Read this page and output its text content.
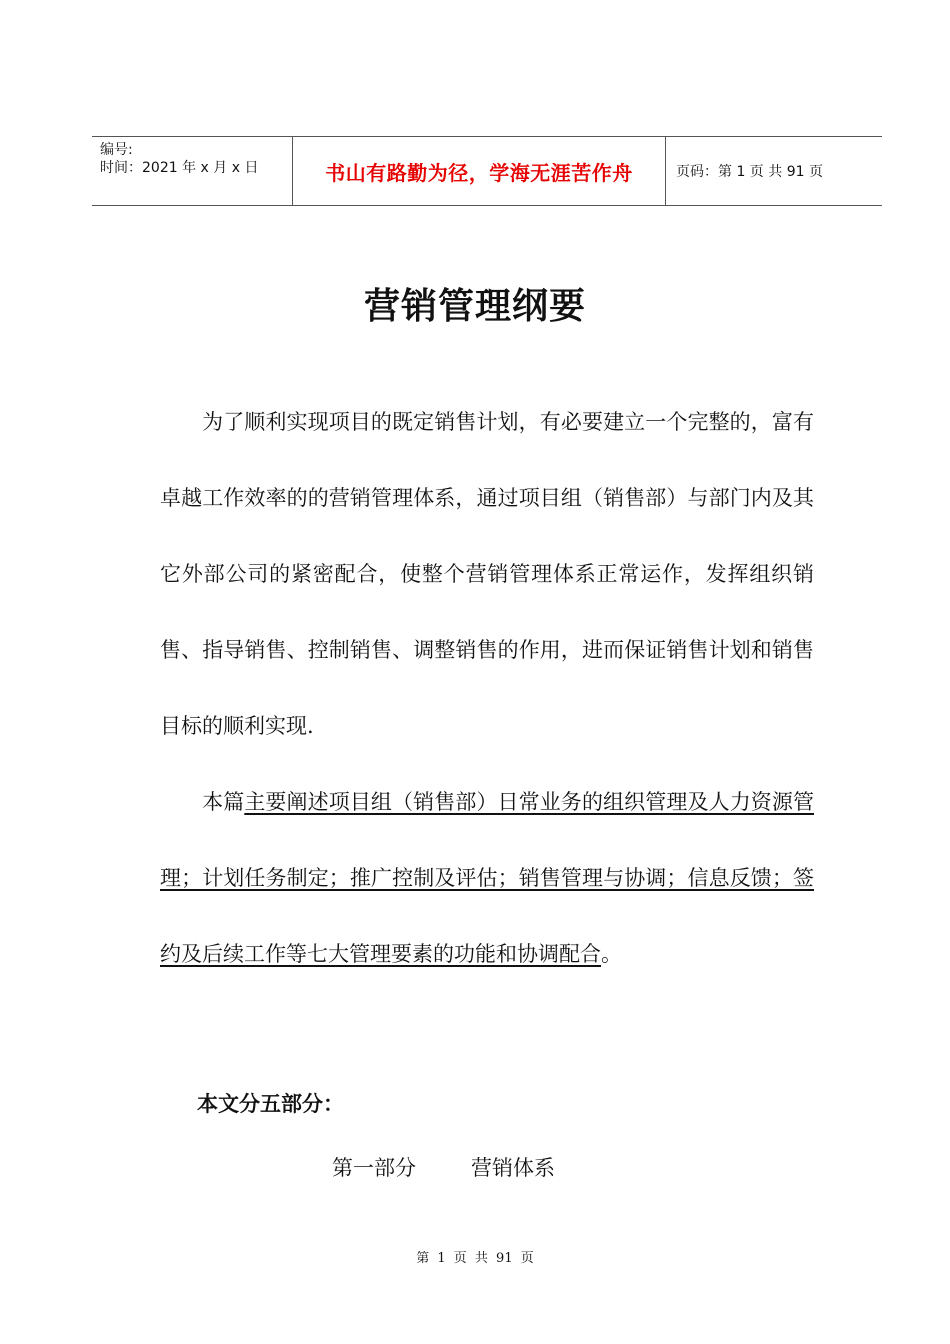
编号:
时间：2021 年 x 月 x 日	书山有路勤为径，学海无涯苦作舟	页码：第 1 页 共 91 页
营销管理纲要
为了顺利实现项目的既定销售计划，有必要建立一个完整的，富有卓越工作效率的的营销管理体系，通过项目组（销售部）与部门内及其它外部公司的紧密配合，使整个营销管理体系正常运作，发挥组织销售、指导销售、控制销售、调整销售的作用，进而保证销售计划和销售目标的顺利实现.
本篇主要阐述项目组（销售部）日常业务的组织管理及人力资源管理；计划任务制定；推广控制及评估；销售管理与协调；信息反馈；签约及后续工作等七大管理要素的功能和协调配合。
本文分五部分：
第一部分	营销体系
第 1 页 共 91 页
